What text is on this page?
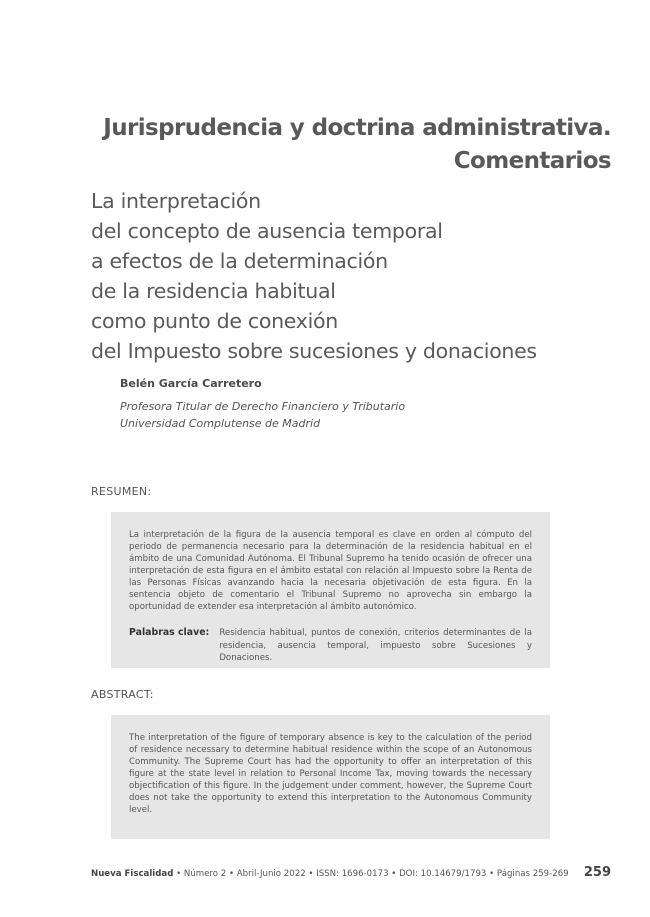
Jurisprudencia y doctrina administrativa.
Comentarios
La interpretación
del concepto de ausencia temporal
a efectos de la determinación
de la residencia habitual
como punto de conexión
del Impuesto sobre sucesiones y donaciones
Belén García Carretero
Profesora Titular de Derecho Financiero y Tributario
Universidad Complutense de Madrid
RESUMEN:

La interpretación de la figura de la ausencia temporal es clave en orden al cómputo del periodo de permanencia necesario para la determinación de la residencia habitual en el ámbito de una Comunidad Autónoma. El Tribunal Supremo ha tenido ocasión de ofrecer una interpretación de esta figura en el ámbito estatal con relación al Impuesto sobre la Renta de las Personas Físicas avanzando hacia la necesaria objetivación de esta figura. En la sentencia objeto de comentario el Tribunal Supremo no aprovecha sin embargo la oportunidad de extender esa interpretación al ámbito autonómico.

Palabras clave:	Residencia habitual, puntos de conexión, criterios determinantes de la residencia, ausencia temporal, impuesto sobre Sucesiones y Donaciones.
ABSTRACT:

The interpretation of the figure of temporary absence is key to the calculation of the period of residence necessary to determine habitual residence within the scope of an Autonomous Community. The Supreme Court has had the opportunity to offer an interpretation of this figure at the state level in relation to Personal Income Tax, moving towards the necessary objectification of this figure. In the judgement under comment, however, the Supreme Court does not take the opportunity to extend this interpretation to the Autonomous Community level.

Nueva Fiscalidad • Número 2 • Abril-Junio 2022 • ISSN: 1696-0173 • DOI: 10.14679/1793 • Páginas 259-269 259
